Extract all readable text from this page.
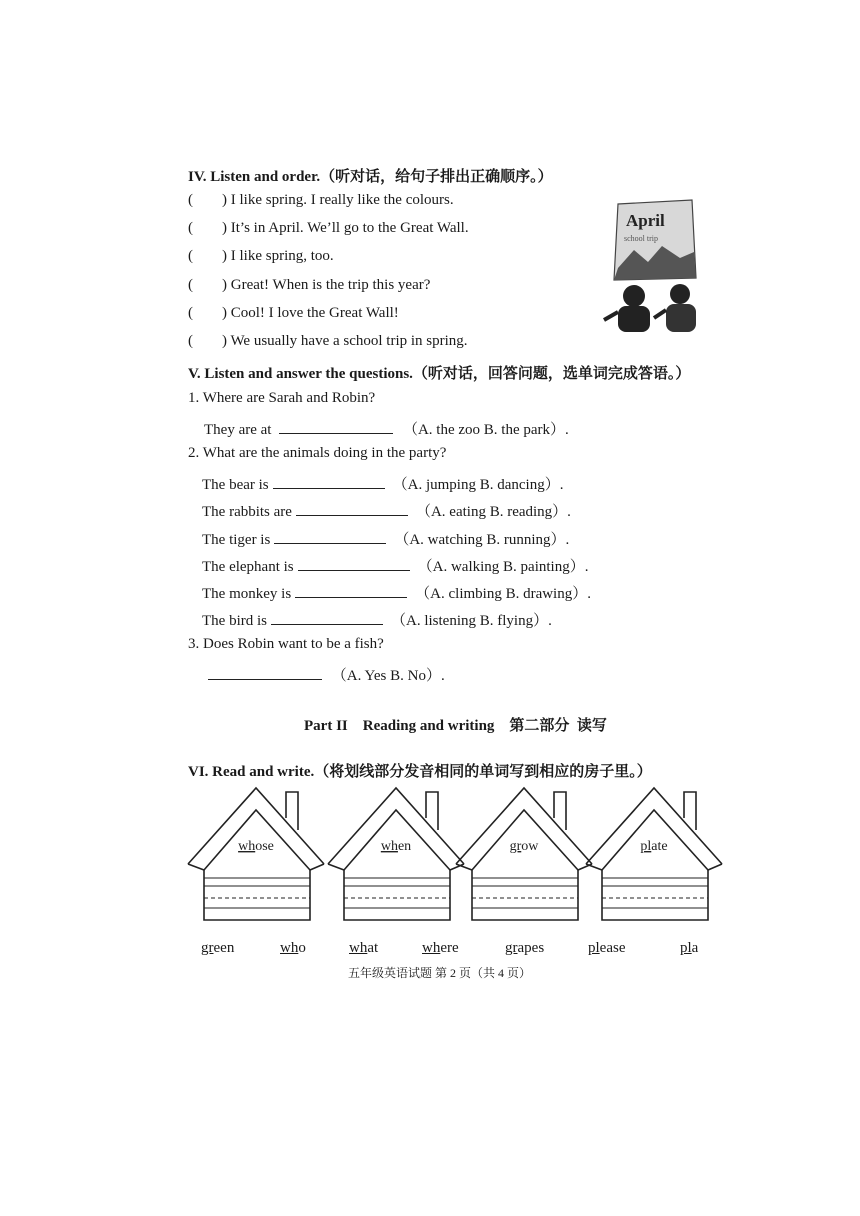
IV. Listen and order.（听对话，给句子排出正确顺序。）
( ) I like spring. I really like the colours.
( ) It’s in April. We’ll go to the Great Wall.
( ) I like spring, too.
( ) Great! When is the trip this year?
( ) Cool! I love the Great Wall!
( ) We usually have a school trip in spring.
April
school trip
V. Listen and answer the questions.（听对话，回答问题，选单词完成答语。）
1. Where are Sarah and Robin?
They are at	（A. the zoo B. the park）.
2. What are the animals doing in the party?
The bear is	（A. jumping B. dancing）.
The rabbits are	（A. eating B. reading）.
The tiger is	（A. watching B. running）.
The elephant is	（A. walking B. painting）.
The monkey is	（A. climbing B. drawing）.
The bird is	（A. listening B. flying）.
3. Does Robin want to be a fish?
（A. Yes B. No）.
Part II    Reading and writing    第二部分  读写
VI. Read and write.（将划线部分发音相同的单词写到相应的房子里。）
whose	when	grow	plate
green	who	what	where	grapes	please	pla
五年级英语试题 第 2 页（共 4 页）
